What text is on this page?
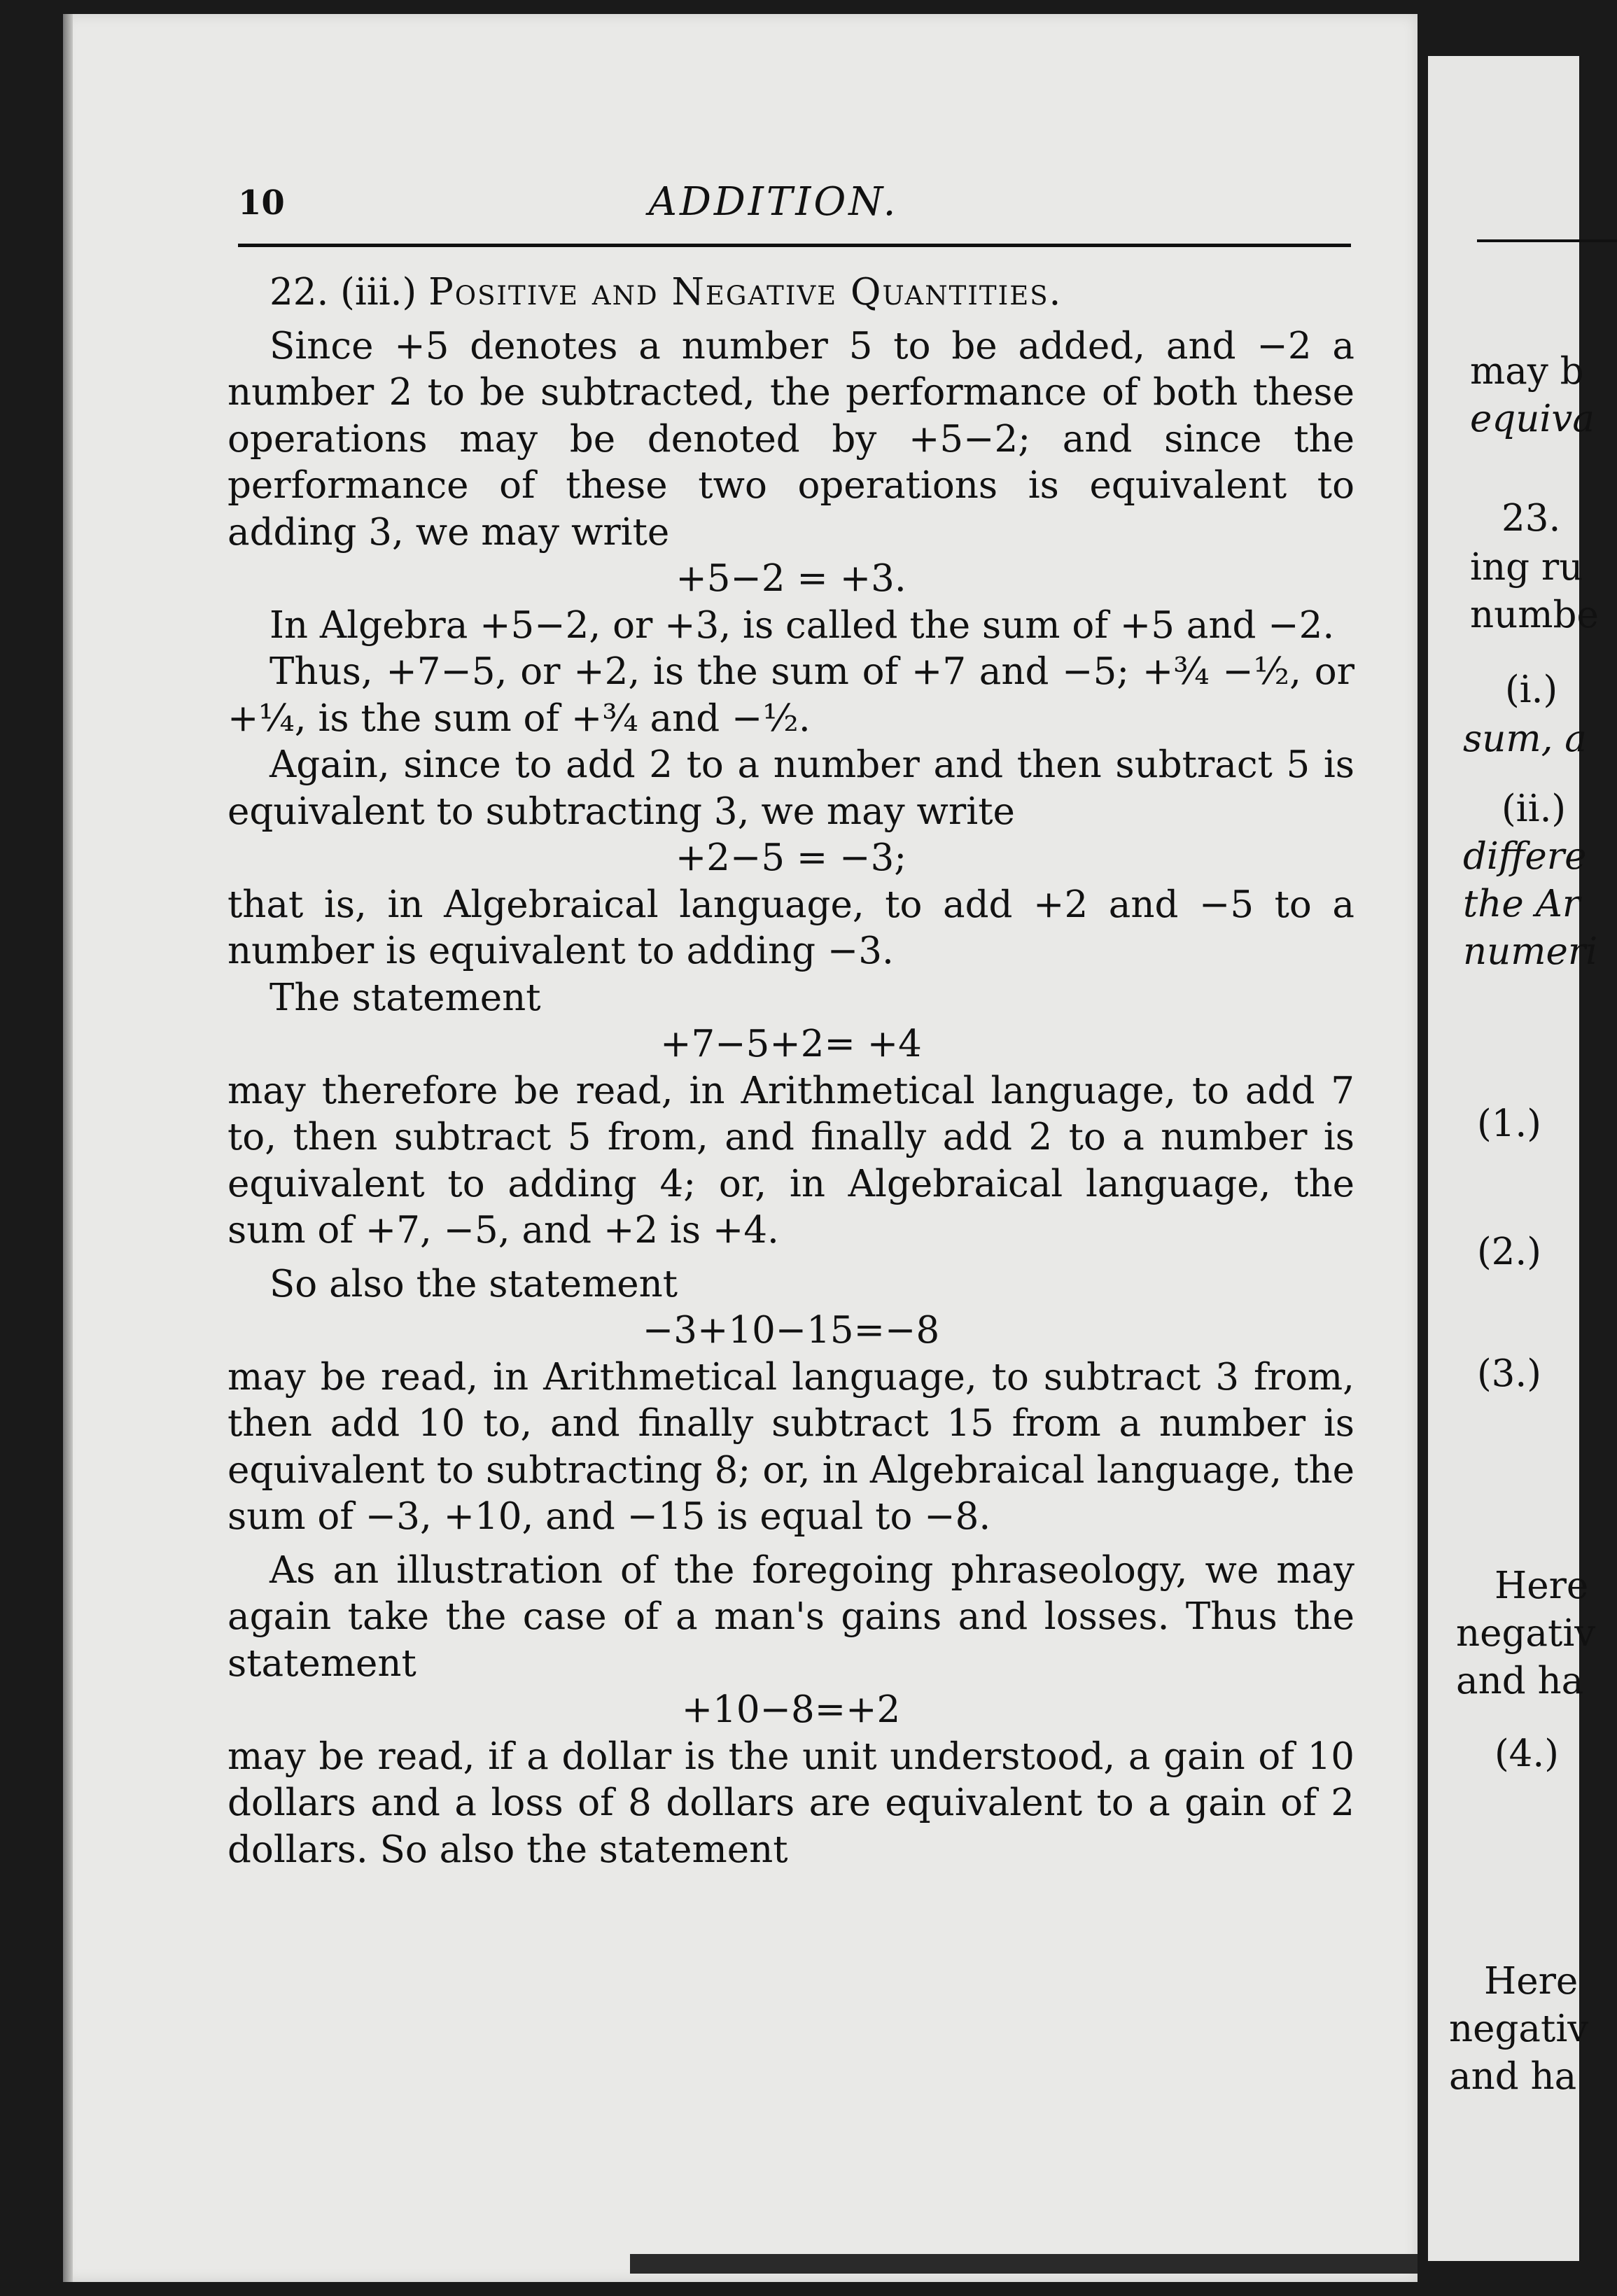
10	ADDITION.

22. (iii.) Positive and Negative Quantities.

Since +5 denotes a number 5 to be added, and −2 a number 2 to be subtracted, the performance of both these operations may be denoted by +5−2; and since the performance of these two operations is equivalent to adding 3, we may write

+5−2 = +3.

In Algebra +5−2, or +3, is called the sum of +5 and −2.

Thus, +7−5, or +2, is the sum of +7 and −5; +¾ −½, or +¼, is the sum of +¾ and −½.

Again, since to add 2 to a number and then subtract 5 is equivalent to subtracting 3, we may write

+2−5 = −3;

that is, in Algebraical language, to add +2 and −5 to a number is equivalent to adding −3.

The statement

+7−5+2= +4

may therefore be read, in Arithmetical language, to add 7 to, then subtract 5 from, and finally add 2 to a number is equivalent to adding 4; or, in Algebraical language, the sum of +7, −5, and +2 is +4.

So also the statement

−3+10−15=−8

may be read, in Arithmetical language, to subtract 3 from, then add 10 to, and finally subtract 15 from a number is equivalent to subtracting 8; or, in Algebraical language, the sum of −3, +10, and −15 is equal to −8.

As an illustration of the foregoing phraseology, we may again take the case of a man's gains and losses. Thus the statement

+10−8=+2

may be read, if a dollar is the unit understood, a gain of 10 dollars and a loss of 8 dollars are equivalent to a gain of 2 dollars. So also the statement

may b
equiva
23.
ing ru
numbe
(i.)
sum, a
(ii.)
differe
the Ar
numeri
(1.)
(2.)
(3.)
Here
negativ
and ha
(4.)
Here
negativ
and ha
